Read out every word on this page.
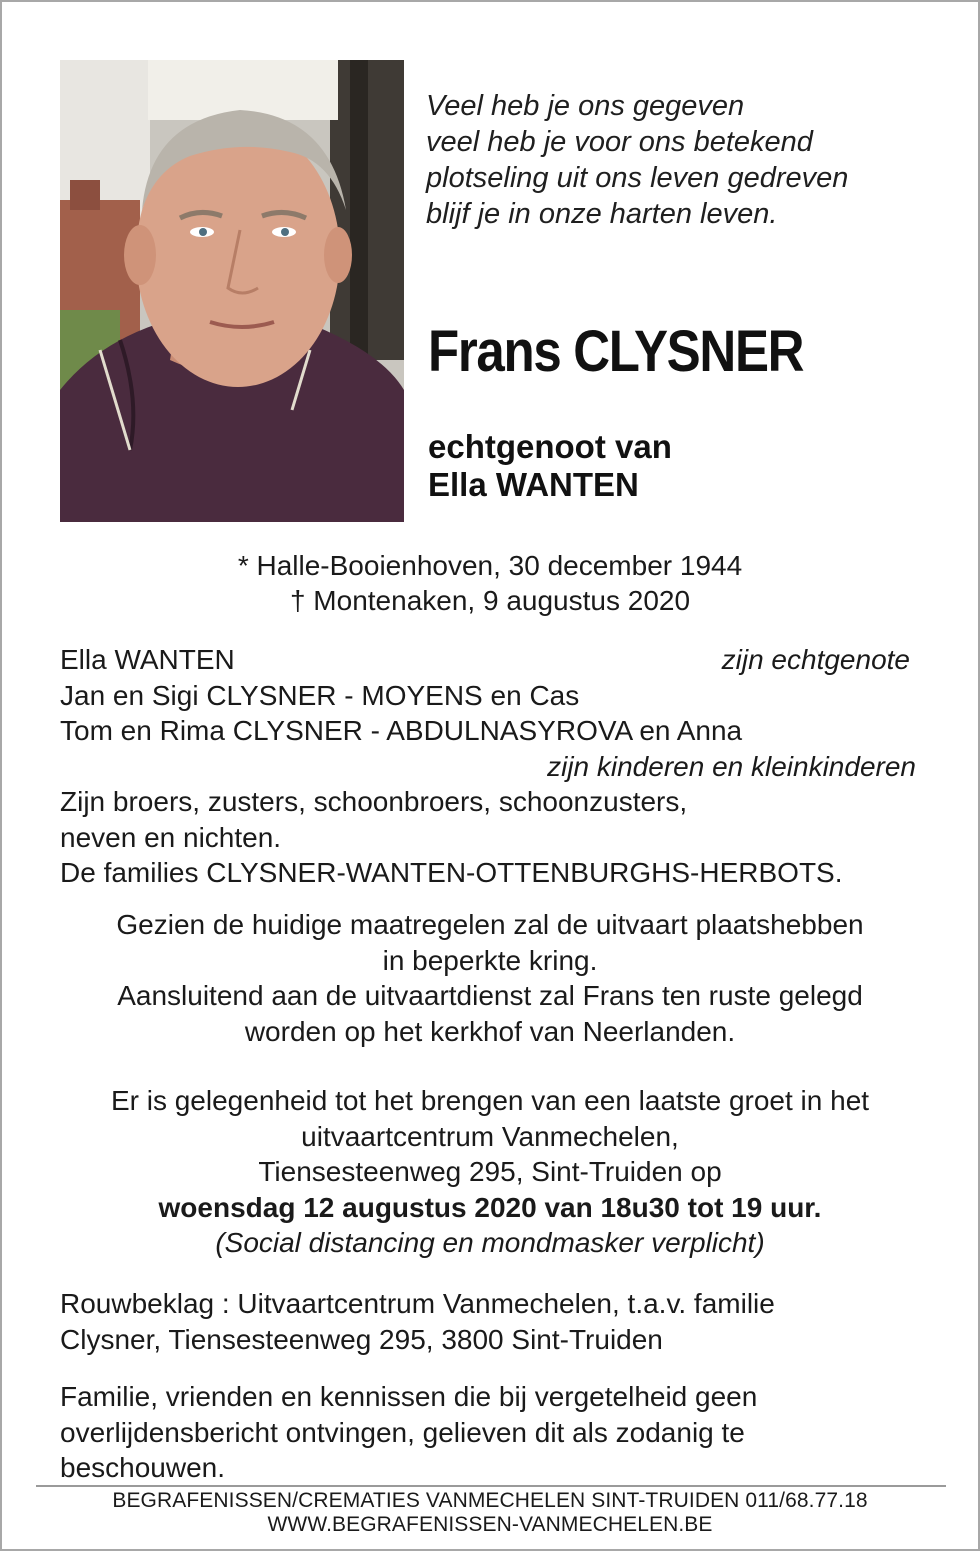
Veel heb je ons gegeven
veel heb je voor ons betekend
plotseling uit ons leven gedreven
blijf je in onze harten leven.
Frans CLYSNER
echtgenoot van
Ella WANTEN
* Halle-Booienhoven, 30 december 1944
† Montenaken, 9 augustus 2020
Ella WANTEN	zijn echtgenote
Jan en Sigi CLYSNER - MOYENS en Cas
Tom en Rima CLYSNER - ABDULNASYROVA en Anna
zijn kinderen en kleinkinderen
Zijn broers, zusters, schoonbroers, schoonzusters,
neven en nichten.
De families CLYSNER-WANTEN-OTTENBURGHS-HERBOTS.
Gezien de huidige maatregelen zal de uitvaart plaatshebben
in beperkte kring.
Aansluitend aan de uitvaartdienst zal Frans ten ruste gelegd
worden op het kerkhof van Neerlanden.
Er is gelegenheid tot het brengen van een laatste groet in het
uitvaartcentrum Vanmechelen,
Tiensesteenweg 295, Sint-Truiden op
woensdag 12 augustus 2020 van 18u30 tot 19 uur.
(Social distancing en mondmasker verplicht)
Rouwbeklag : Uitvaartcentrum Vanmechelen, t.a.v. familie
Clysner, Tiensesteenweg 295, 3800 Sint-Truiden
Familie, vrienden en kennissen die bij vergetelheid geen
overlijdensbericht ontvingen, gelieven dit als zodanig te
beschouwen.
BEGRAFENISSEN/CREMATIES VANMECHELEN SINT-TRUIDEN 011/68.77.18
WWW.BEGRAFENISSEN-VANMECHELEN.BE
